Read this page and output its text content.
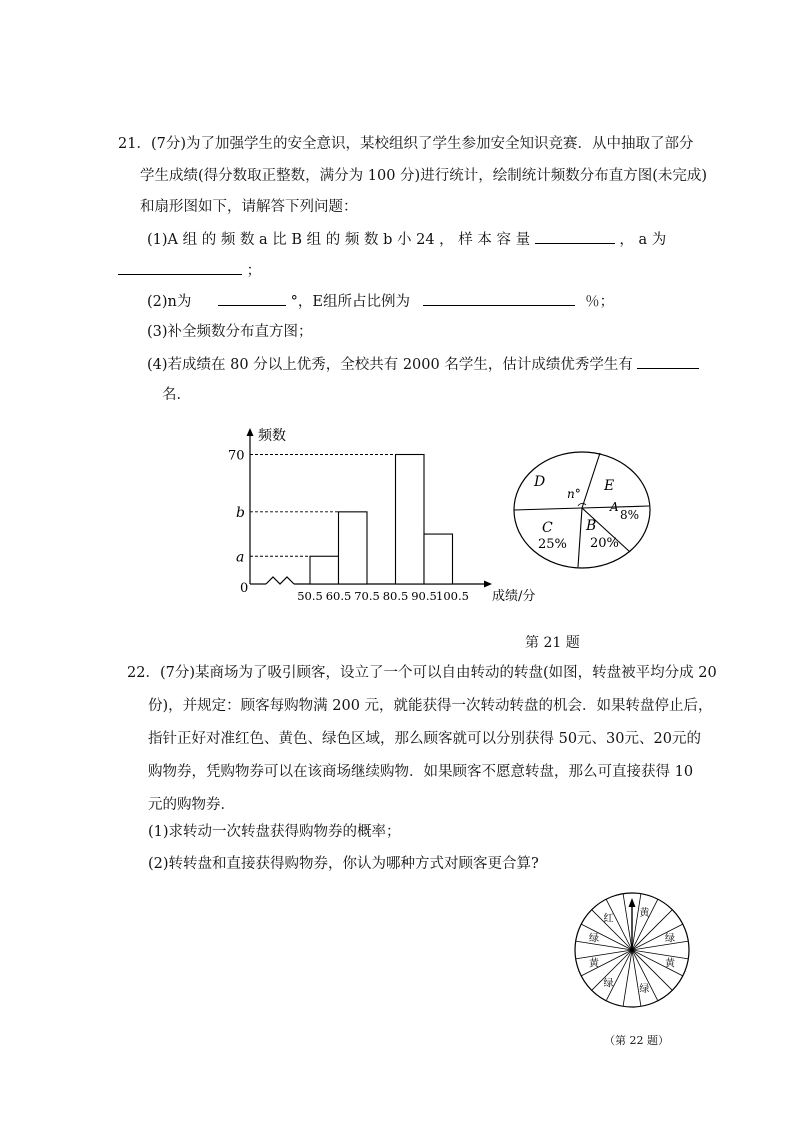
21．(7分)为了加强学生的安全意识，某校组织了学生参加安全知识竞赛．从中抽取了部分
学生成绩(得分数取正整数，满分为 100 分)进行统计，绘制统计频数分布直方图(未完成)
和扇形图如下，请解答下列问题：
(1)A 组 的 频 数 a 比 B 组 的 频 数 b 小 24 ， 样 本 容 量	， a 为
；
(2)n为	°，E组所占比例为	％；
(3)补全频数分布直方图；
(4)若成绩在 80 分以上优秀，全校共有 2000 名学生，估计成绩优秀学生有
名．
频数
成绩/分
50.5 60.5 70.5 80.5 90.5 100.5
a
b
70
0
n°
D	E
A
8%
C
25%
B
20%
第 21 题
22．(7分)某商场为了吸引顾客，设立了一个可以自由转动的转盘(如图，转盘被平均分成 20
份)，并规定：顾客每购物满 200 元，就能获得一次转动转盘的机会．如果转盘停止后，
指针正好对准红色、黄色、绿色区域，那么顾客就可以分别获得 50元、30元、20元的
购物券，凭购物券可以在该商场继续购物．如果顾客不愿意转盘，那么可直接获得 10
元的购物券．
(1)求转动一次转盘获得购物券的概率；
(2)转转盘和直接获得购物券，你认为哪种方式对顾客更合算?
红
黄
绿	绿
黄	黄
绿
绿
（第 22 题）
